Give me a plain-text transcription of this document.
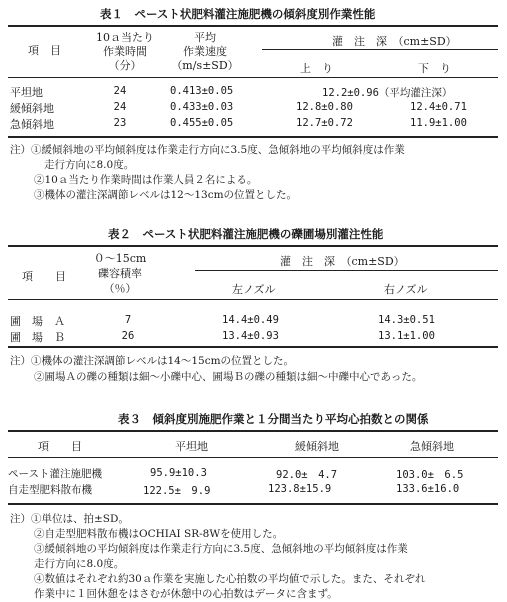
表１　ペースト状肥料灌注施肥機の傾斜度別作業性能
項　目
10ａ当たり
作業時間
（分）
平均
作業速度
（m/s±SD）
灌　注　深　（cm±SD）
上　り	下　り
平坦地	24	0.413±0.05	12.2±0.96（平均灌注深）
緩傾斜地	24	0.433±0.03	12.8±0.80	12.4±0.71
急傾斜地	23	0.455±0.05	12.7±0.72	11.9±1.00
注）①緩傾斜地の平均傾斜度は作業走行方向に3.5度、急傾斜地の平均傾斜度は作業
走行方向に8.0度。
②10ａ当たり作業時間は作業人員２名による。
③機体の灌注深調節レベルは12〜13cmの位置とした。
表２　ペースト状肥料灌注施肥機の礫圃場別灌注性能
項　　目
０〜15cm
礫容積率
（％）
灌　注　深　（cm±SD）
左ノズル	右ノズル
圃　場　Ａ	7	14.4±0.49	14.3±0.51
圃　場　Ｂ	26	13.4±0.93	13.1±1.00
注）①機体の灌注深調節レベルは14〜15cmの位置とした。
②圃場Ａの礫の種類は細〜小礫中心、圃場Ｂの礫の種類は細〜中礫中心であった。
表３　傾斜度別施肥作業と１分間当たり平均心拍数との関係
項　　目	平坦地	緩傾斜地	急傾斜地
ペースト灌注施肥機	95.9±10.3	92.0±　4.7	103.0±　6.5
自走型肥料散布機	122.5±　9.9	123.8±15.9	133.6±16.0
注）①単位は、拍±SD。
②自走型肥料散布機はOCHIAI SR-8Wを使用した。
③緩傾斜地の平均傾斜度は作業走行方向に3.5度、急傾斜地の平均傾斜度は作業
走行方向に8.0度。
④数値はそれぞれ約30ａ作業を実施した心拍数の平均値で示した。また、それぞれ
作業中に１回休憩をはさむが休憩中の心拍数はデータに含まず。
